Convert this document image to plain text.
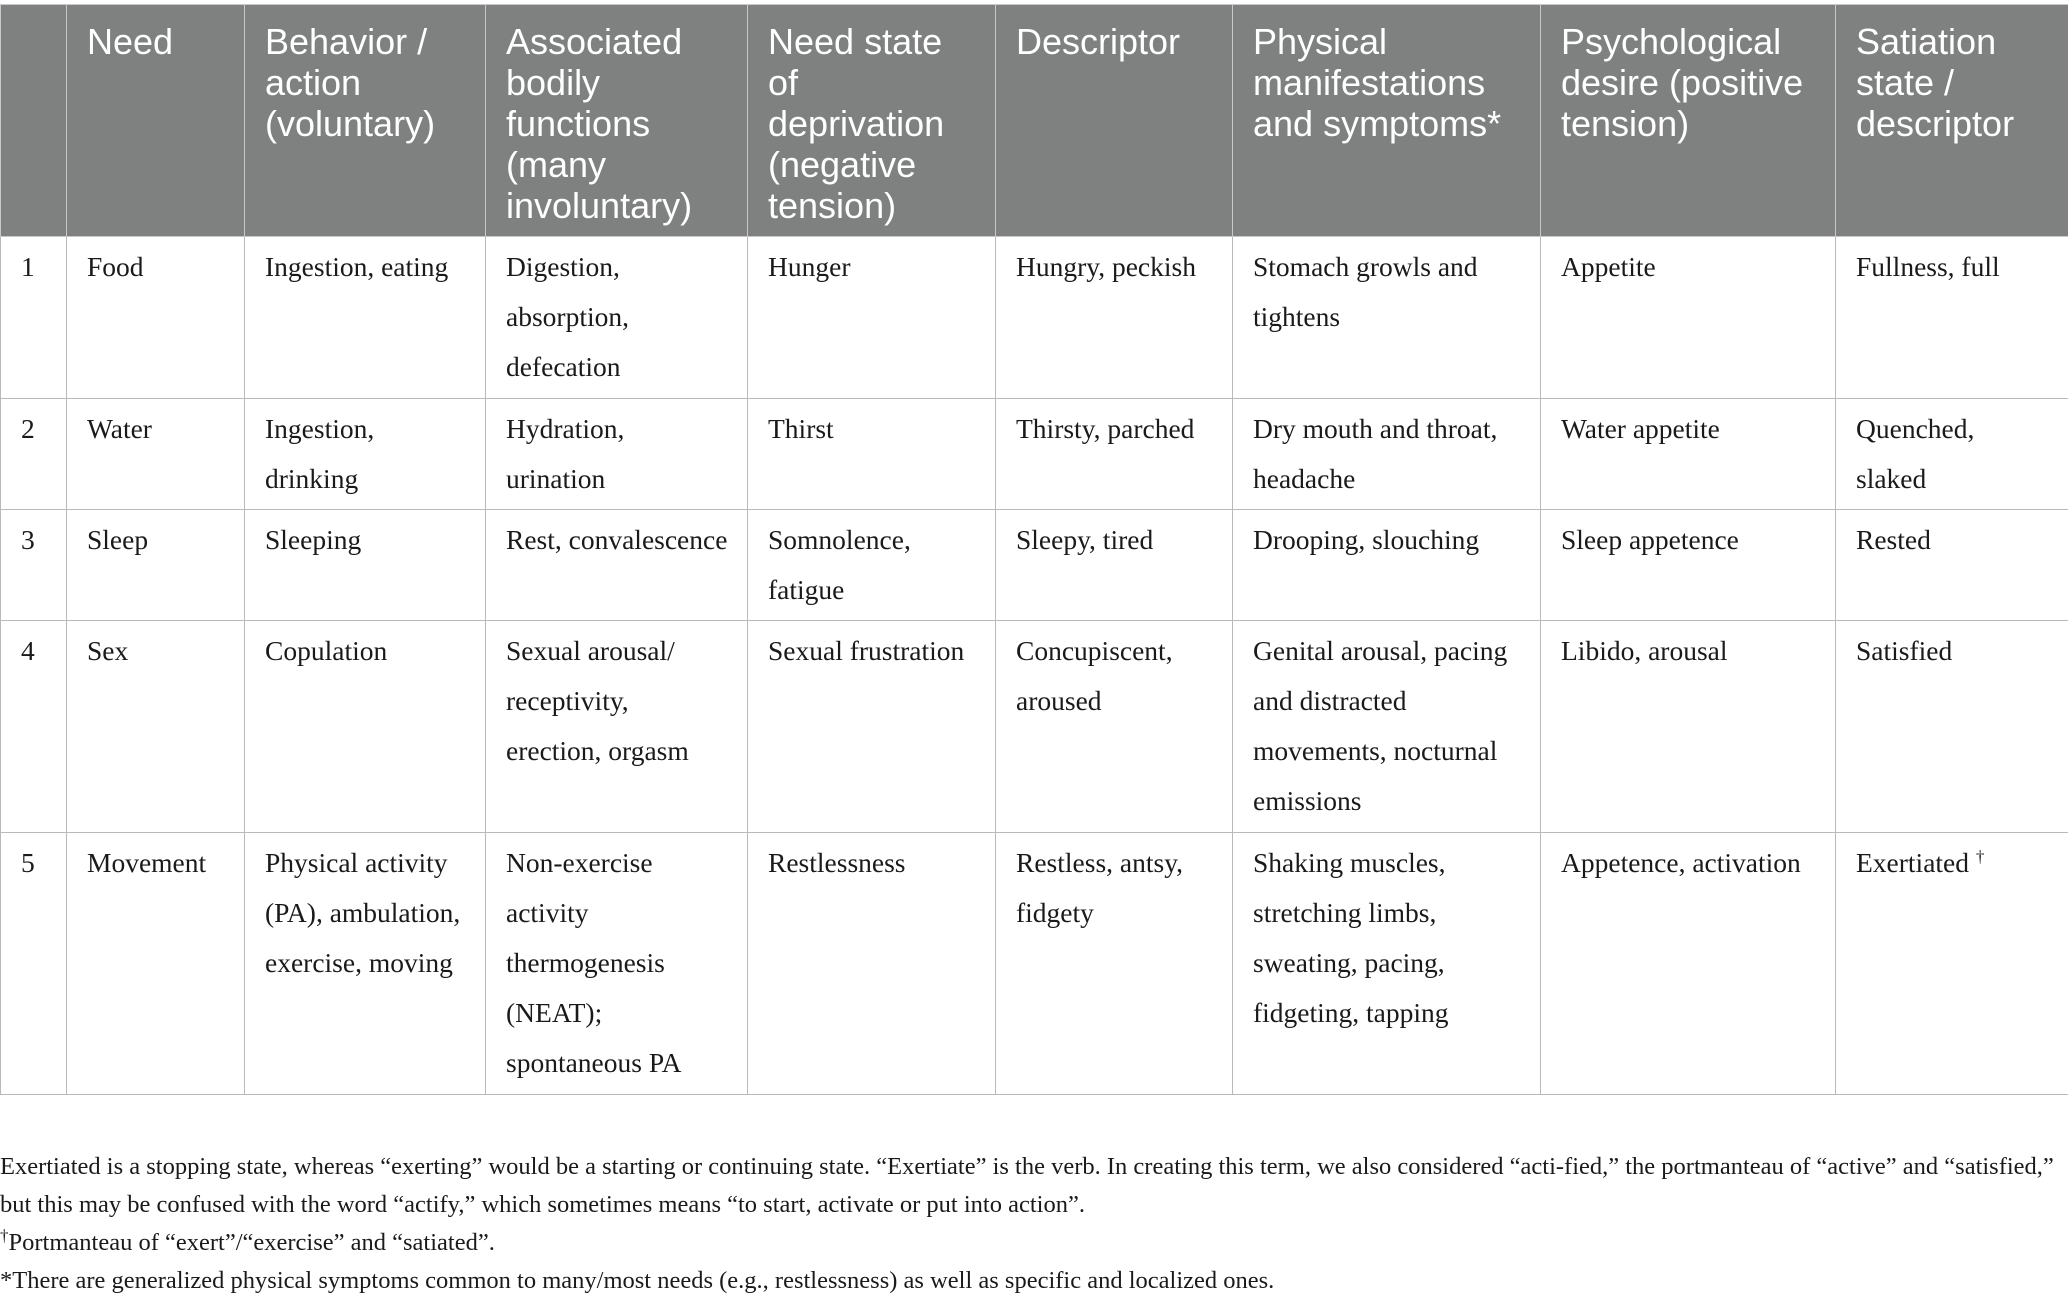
	Need	Behavior / action (voluntary)	Associated bodily functions (many involuntary)	Need state of deprivation (negative tension)	Descriptor	Physical manifestations and symptoms*	Psychological desire (positive tension)	Satiation state / descriptor
1	Food	Ingestion, eating	Digestion, absorption, defecation	Hunger	Hungry, peckish	Stomach growls and tightens	Appetite	Fullness, full
2	Water	Ingestion, drinking	Hydration, urination	Thirst	Thirsty, parched	Dry mouth and throat, headache	Water appetite	Quenched, slaked
3	Sleep	Sleeping	Rest, convalescence	Somnolence, fatigue	Sleepy, tired	Drooping, slouching	Sleep appetence	Rested
4	Sex	Copulation	Sexual arousal/ receptivity, erection, orgasm	Sexual frustration	Concupiscent, aroused	Genital arousal, pacing and distracted movements, nocturnal emissions	Libido, arousal	Satisfied
5	Movement	Physical activity (PA), ambulation, exercise, moving	Non-exercise activity thermogenesis (NEAT); spontaneous PA	Restlessness	Restless, antsy, fidgety	Shaking muscles, stretching limbs, sweating, pacing, fidgeting, tapping	Appetence, activation	Exertiated †

Exertiated is a stopping state, whereas “exerting” would be a starting or continuing state. “Exertiate” is the verb. In creating this term, we also considered “acti-fied,” the portmanteau of “active” and “satisfied,” but this may be confused with the word “actify,” which sometimes means “to start, activate or put into action”.

†Portmanteau of “exert”/“exercise” and “satiated”.

*There are generalized physical symptoms common to many/most needs (e.g., restlessness) as well as specific and localized ones.
